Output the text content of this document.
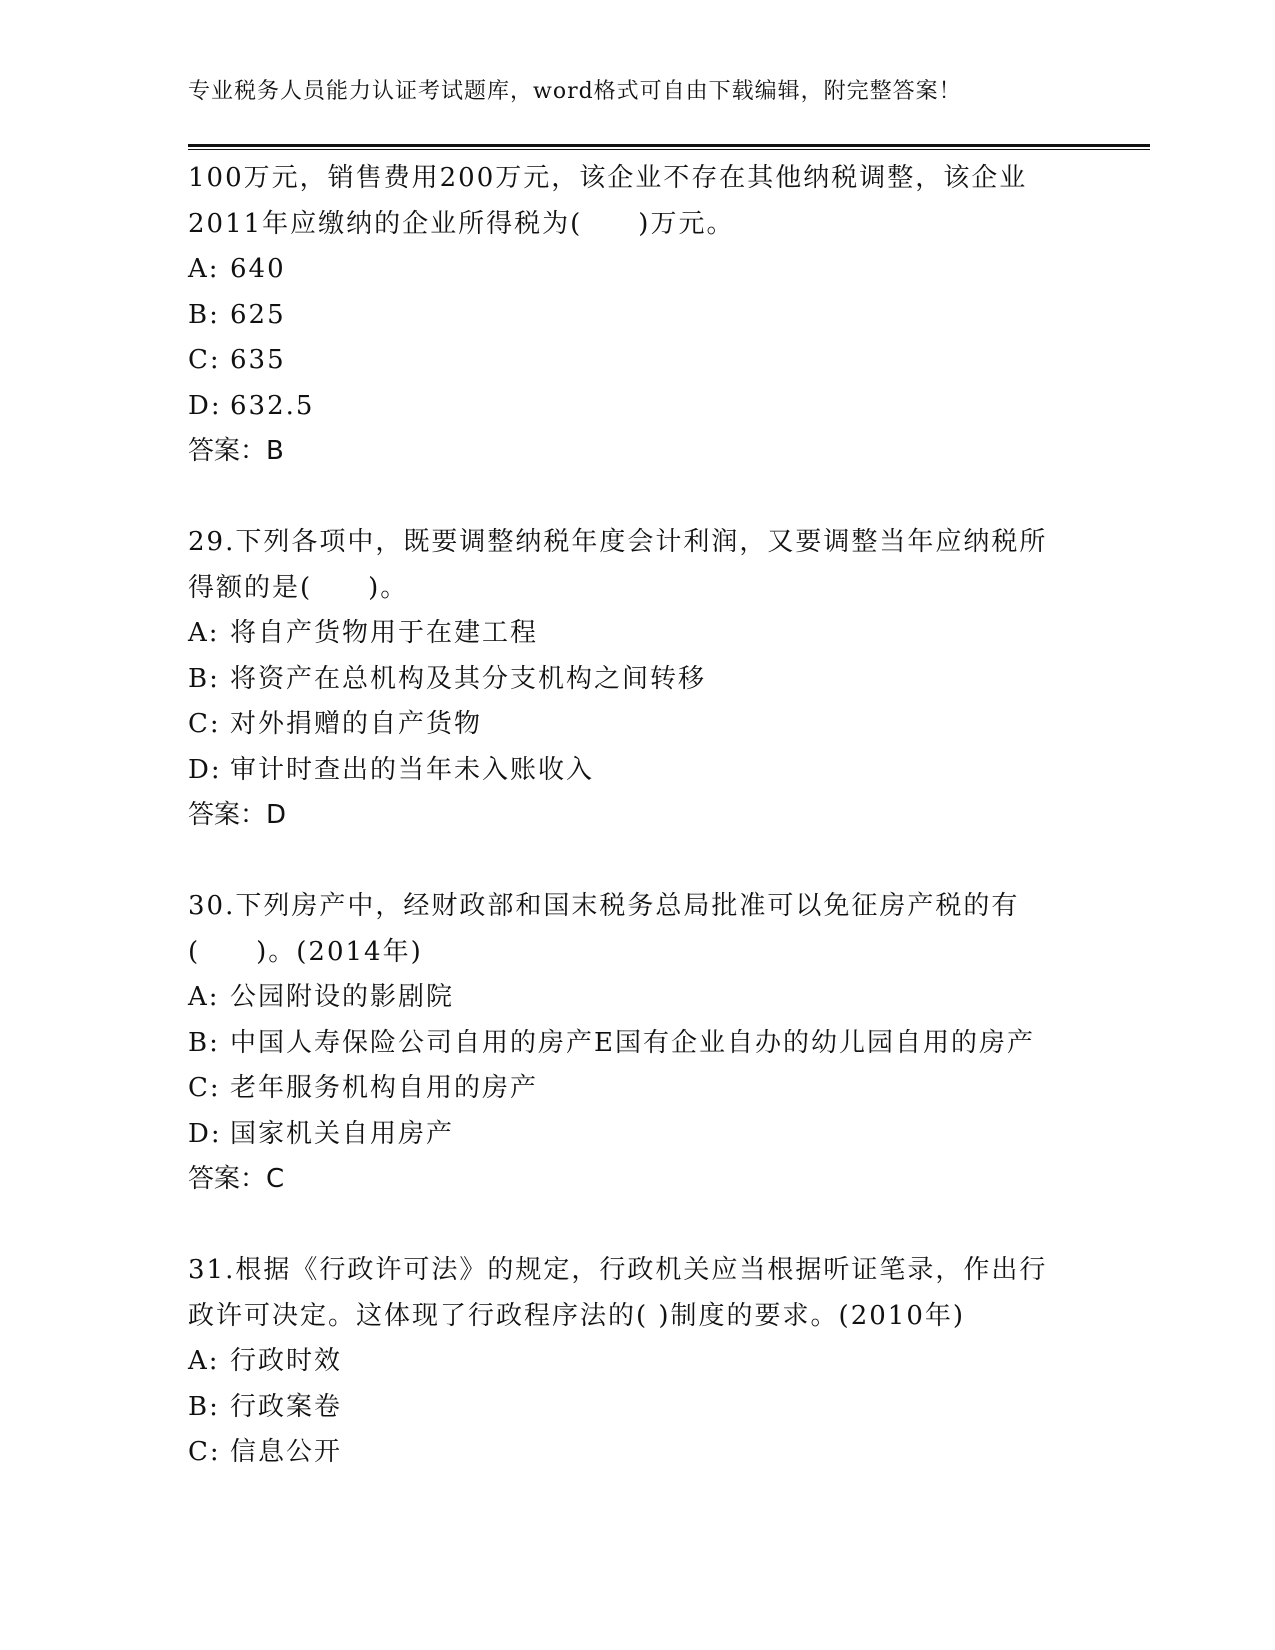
专业税务人员能力认证考试题库，word格式可自由下载编辑，附完整答案！
100万元，销售费用200万元，该企业不存在其他纳税调整，该企业
2011年应缴纳的企业所得税为(　　)万元。
A: 640
B: 625
C: 635
D: 632.5
答案：B
29.下列各项中，既要调整纳税年度会计利润，又要调整当年应纳税所
得额的是(　　)。
A: 将自产货物用于在建工程
B: 将资产在总机构及其分支机构之间转移
C: 对外捐赠的自产货物
D: 审计时查出的当年未入账收入
答案：D
30.下列房产中，经财政部和国末税务总局批准可以免征房产税的有
(　　)。(2014年)
A: 公园附设的影剧院
B: 中国人寿保险公司自用的房产E国有企业自办的幼儿园自用的房产
C: 老年服务机构自用的房产
D: 国家机关自用房产
答案：C
31.根据《行政许可法》的规定，行政机关应当根据听证笔录，作出行
政许可决定。这体现了行政程序法的( )制度的要求。(2010年)
A: 行政时效
B: 行政案卷
C: 信息公开
